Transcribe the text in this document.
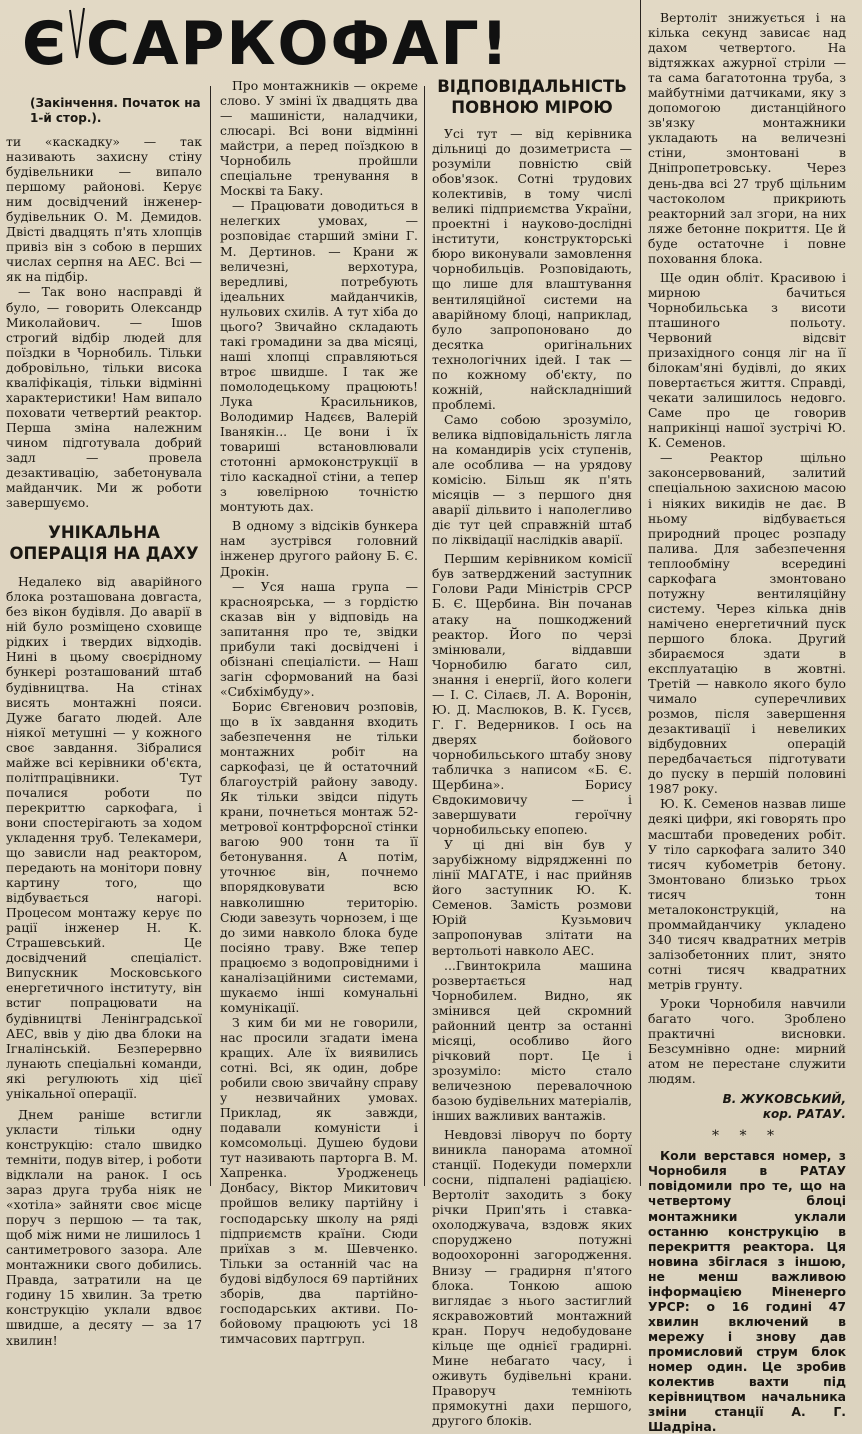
Є САРКОФАГ!
(Закінчення. Початок на 1-й стор.).

ти «каскадку» — так називають захисну стіну будівельники — випало першому районові. Керує ним досвідчений інженер-будівельник О. М. Демидов. Двісті двадцять п'ять хлопців привіз він з собою в перших числах серпня на АЕС. Всі — як на підбір.

— Так воно насправді й було, — говорить Олександр Миколайович. — Ішов строгий відбір людей для поїздки в Чорнобиль. Тільки добровільно, тільки висока кваліфікація, тільки відмінні характеристики! Нам випало поховати четвертий реактор. Перша зміна належним чином підготувала добрий задл — провела дезактивацію, забетонувала майданчик. Ми ж роботи завершуємо.

УНІКАЛЬНА ОПЕРАЦІЯ НА ДАХУ

Недалеко від аварійного блока розташована довгаста, без вікон будівля. До аварії в ній було розміщено сховище рідких і твердих відходів. Нині в цьому своєрідному бункері розташований штаб будівництва. На стінах висять монтажні пояси. Дуже багато людей. Але ніякої метушні — у кожного своє завдання. Зібралися майже всі керівники об'єкта, політпрацівники. Тут почалися роботи по перекриттю саркофага, і вони спостерігають за ходом укладення труб. Телекамери, що зависли над реактором, передають на монітори повну картину того, що відбувається нагорі. Процесом монтажу керує по рації інженер Н. К. Страшевський. Це досвідчений спеціаліст. Випускник Московського енергетичного інституту, він встиг попрацювати на будівництві Ленінградської АЕС, ввів у дію два блоки на Ігналінській. Безперервно лунають спеціальні команди, які регулюють хід цієї унікальної операції.

Днем раніше встигли укласти тільки одну конструкцію: стало швидко темніти, подув вітер, і роботи відклали на ранок. І ось зараз друга труба ніяк не «хотіла» зайняти своє місце поруч з першою — та так, щоб між ними не лишилось 1 сантиметрового зазора. Але монтажники свого добились. Правда, затратили на це годину 15 хвилин. За третю конструкцію уклали вдвоє швидше, а десяту — за 17 хвилин!

Про монтажників — окреме слово. У зміні їх двадцять два — машиністи, наладчики, слюсарі. Всі вони відмінні майстри, а перед поїздкою в Чорнобиль пройшли спеціальне тренування в Москві та Баку.

— Працювати доводиться в нелегких умовах, — розповідає старший зміни Г. М. Дертинов. — Крани ж величезні, верхотура, вередливі, потребують ідеальних майданчиків, нульових схилів. А тут хіба до цього? Звичайно складають такі громадини за два місяці, наші хлопці справляються втроє швидше. І так же помолодецькому працюють! Лука Красильников, Володимир Надєєв, Валерій Іванякін... Це вони і їх товариші встановлювали стотонні армоконструкції в тіло каскадної стіни, а тепер з ювелірною точністю монтують дах.

В одному з відсіків бункера нам зустрівся головний інженер другого району Б. Є. Дрокін.

— Уся наша група — красноярська, — з гордістю сказав він у відповідь на запитання про те, звідки прибули такі досвідчені і обізнані спеціалісти. — Наш загін сформований на базі «Сибхімбуду».

Борис Євгенович розповів, що в їх завдання входить забезпечення не тільки монтажних робіт на саркофазі, це й остаточний благоустрій району заводу. Як тільки звідси підуть крани, почнеться монтаж 52-метрової контрфорсної стінки вагою 900 тонн та її бетонування. А потім, уточнює він, почнемо впорядковувати всю навколишню територію. Сюди завезуть чорнозем, і ще до зими навколо блока буде посіяно траву. Вже тепер працюємо з водопровідними і каналізаційними системами, шукаємо інші комунальні комунікації.

З ким би ми не говорили, нас просили згадати імена кращих. Але їх виявились сотні. Всі, як один, добре робили свою звичайну справу у незвичайних умовах. Приклад, як завжди, подавали комуністи і комсомольці. Душею будови тут називають парторга В. М. Хапренка. Уродженець Донбасу, Віктор Микитович пройшов велику партійну і господарську школу на ряді підприємств країни. Сюди приїхав з м. Шевченко. Тільки за останній час на будові відбулося 69 партійних зборів, два партійно-господарських активи. По-бойовому працюють усі 18 тимчасових партгруп.

ВІДПОВІДАЛЬНІСТЬ ПОВНОЮ МІРОЮ

Усі тут — від керівника дільниці до дозиметриста — розуміли повністю свій обов'язок. Сотні трудових колективів, в тому числі великі підприємства України, проектні і науково-дослідні інститути, конструкторські бюро виконували замовлення чорнобильців. Розповідають, що лише для влаштування вентиляційної системи на аварійному блоці, наприклад, було запропоновано до десятка оригінальних технологічних ідей. І так — по кожному об'єкту, по кожній, найскладніший проблемі.

Само собою зрозуміло, велика відповідальність лягла на командирів усіх ступенів, але особлива — на урядову комісію. Більш як п'ять місяців — з першого дня аварії дільвито і наполегливо діє тут цей справжній штаб по ліквідації наслідків аварії.

Першим керівником комісії був затверджений заступник Голови Ради Міністрів СРСР Б. Є. Щербина. Він почанав атаку на пошкоджений реактор. Його по черзі змінювали, віддавши Чорнобилю багато сил, знання і енергії, його колеги — І. С. Сілаєв, Л. А. Воронін, Ю. Д. Маслюков, В. К. Гусєв, Г. Г. Ведерников. І ось на дверях бойового чорнобильського штабу знову табличка з написом «Б. Є. Щербина». Борису Євдокимовичу — і завершувати героїчну чорнобильську епопею.

У ці дні він був у зарубіжному відрядженні по лінії МАГАТЕ, і нас прийняв його заступник Ю. К. Семенов. Замість розмови Юрій Кузьмович запропонував злітати на вертольоті навколо АЕС.

...Гвинтокрила машина розвертається над Чорнобилем. Видно, як змінився цей скромний районний центр за останні місяці, особливо його річковий порт. Це і зрозуміло: місто стало величезною перевалочною базою будівельних матеріалів, інших важливих вантажів.

Невдовзі ліворуч по борту виникла панорама атомної станції. Подекуди померхли сосни, підпалені радіацією. Вертоліт заходить з боку річки Прип'ять і ставка-охолоджувача, вздовж яких споруджено потужні водоохоронні загородження. Внизу — градирня п'ятого блока. Тонкою ашою виглядає з нього застиглий яскравожовтий монтажний кран. Поруч недобудоване кільце ще однієї градирні. Мине небагато часу, і оживуть будівельні крани. Праворуч темніють прямокутні дахи першого, другого блоків.

Вертоліт знижується і на кілька секунд зависає над дахом четвертого. На відтяжках ажурної стріли — та сама багатотонна труба, з майбутніми датчиками, яку з допомогою дистанційного зв'язку монтажники укладають на величезні стіни, змонтовані в Дніпропетровську. Через день-два всі 27 труб щільним частоколом прикриють реакторний зал згори, на них ляже бетонне покриття. Це й буде остаточне і повне поховання блока.

Ще один обліт. Красивою і мирною бачиться Чорнобильська з висоти пташиного польоту. Червоний відсвіт призахідного сонця ліг на її білокам'яні будівлі, до яких повертається життя. Справді, чекати залишилось недовго. Саме про це говорив наприкінці нашої зустрічі Ю. К. Семенов.

— Реактор щільно законсервований, залитий спеціальною захисною масою і ніяких викидів не дає. В ньому відбувається природний процес розпаду палива. Для забезпечення теплообміну всередині саркофага змонтовано потужну вентиляційну систему. Через кілька днів намічено енергетичний пуск першого блока. Другий збираємося здати в експлуатацію в жовтні. Третій — навколо якого було чимало суперечливих розмов, після завершення дезактивації і невеликих відбудовних операцій передбачається підготувати до пуску в першій половині 1987 року.

Ю. К. Семенов назвав лише деякі цифри, які говорять про масштаби проведених робіт. У тіло саркофага залито 340 тисяч кубометрів бетону. Змонтовано близько трьох тисяч тонн металоконструкцій, на проммайданчику укладено 340 тисяч квадратних метрів залізобетонних плит, знято сотні тисяч квадратних метрів грунту.

Уроки Чорнобиля навчили багато чого. Зроблено практичні висновки. Безсумнівно одне: мирний атом не перестане служити людям.

В. ЖУКОВСЬКИЙ,
кор. РАТАУ.
* * *

Коли верстався номер, з Чорнобиля в	РАТАУ повідомили про те, що на четвертому блоці монтажники уклали останню конструкцію в перекриття реактора. Ця новина збіглася з іншою, не менш важливою інформацією Міненерго УРСР: о 16 годині 47 хвилин включений в мережу і знову дав промисловий струм блок номер один. Це зробив колектив вахти під керівництвом начальника зміни станції А. Г. Шадріна.
